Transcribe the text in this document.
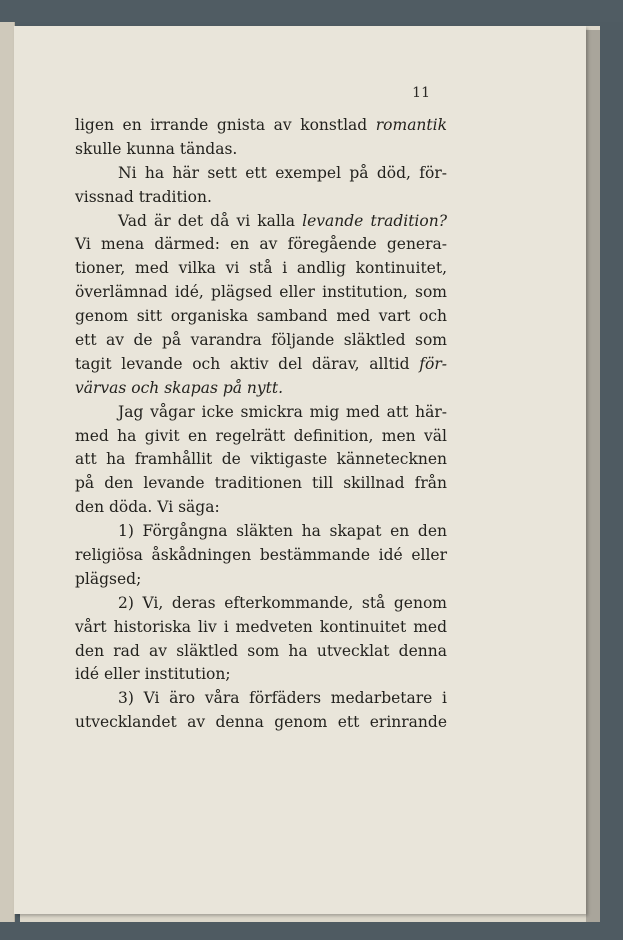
11
ligen en irrande gnista av konstlad romantik
skulle kunna tändas.
Ni ha här sett ett exempel på död, för-
vissnad tradition.
Vad är det då vi kalla levande tradition?
Vi mena därmed: en av föregående genera-
tioner, med vilka vi stå i andlig kontinuitet,
överlämnad idé, plägsed eller institution, som
genom sitt organiska samband med vart och
ett av de på varandra följande släktled som
tagit levande och aktiv del därav, alltid för-
värvas och skapas på nytt.
Jag vågar icke smickra mig med att här-
med ha givit en regelrätt definition, men väl
att ha framhållit de viktigaste kännetecknen
på den levande traditionen till skillnad från
den döda. Vi säga:
1) Förgångna släkten ha skapat en den
religiösa åskådningen bestämmande idé eller
plägsed;
2) Vi, deras efterkommande, stå genom
vårt historiska liv i medveten kontinuitet med
den rad av släktled som ha utvecklat denna
idé eller institution;
3) Vi äro våra förfäders medarbetare i
utvecklandet av denna genom ett erinrande
